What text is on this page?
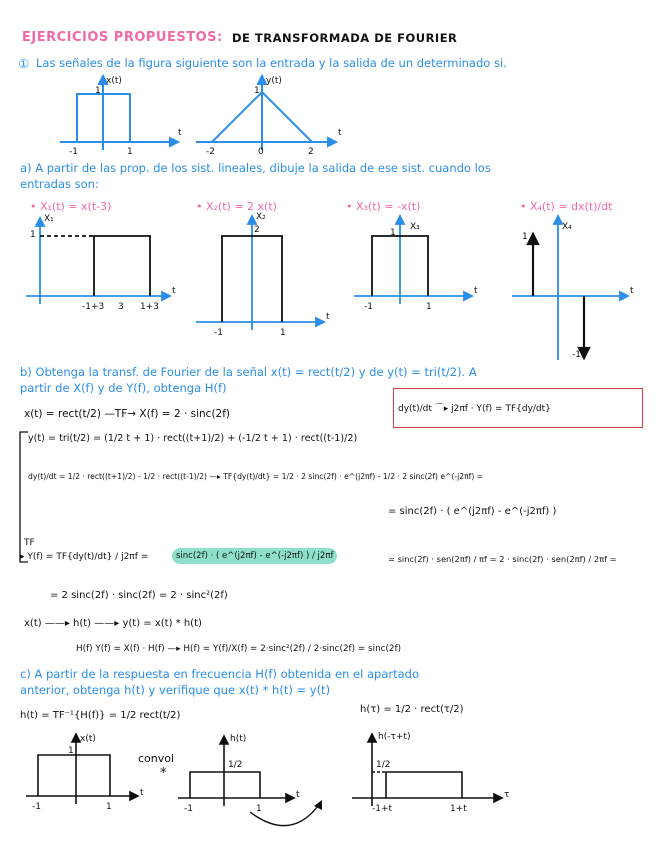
EJERCICIOS PROPUESTOS: DE TRANSFORMADA DE FOURIER
① Las señales de la figura siguiente son la entrada y la salida de un determinado si.
x(t)
-1	1
1
t
y(t)
-2	0	2
1
t
a) A partir de las prop. de los sist. lineales, dibuje la salida de ese sist. cuando los
entradas son:
• X₁(t) = x(t-3)	• X₂(t) = 2 x(t)	• X₃(t) = -x(t)	• X₄(t) = dx(t)/dt
X₁
1
-1+3 3 1+3
t
X₂
2
-1	1
t
X₃
1
-1	1
t
X₄
1
-1
t
b) Obtenga la transf. de Fourier de la señal x(t) = rect(t/2) y de y(t) = tri(t/2). A
partir de X(f) y de Y(f), obtenga H(f)
dy(t)/dt ⌒▸ j2πf · Y(f) = TF{dy/dt}
x(t) = rect(t/2) —TF→ X(f) = 2 · sinc(2f)
y(t) = tri(t/2) = (1/2 t + 1) · rect((t+1)/2) + (-1/2 t + 1) · rect((t-1)/2)
dy(t)/dt = 1/2 · rect((t+1)/2) - 1/2 · rect((t-1)/2) —▸ TF{dy(t)/dt} = 1/2 · 2 sinc(2f) · e^(j2πf) - 1/2 · 2 sinc(2f) e^(-j2πf) =
= sinc(2f) · ( e^(j2πf) - e^(-j2πf) )
TF
▸ Y(f) = TF{dy(t)/dt} / j2πf =	sinc(2f) · ( e^(j2πf) - e^(-j2πf) ) / j2πf	= sinc(2f) · sen(2πf) / πf = 2 · sinc(2f) · sen(2πf) / 2πf =
= 2 sinc(2f) · sinc(2f) = 2 · sinc²(2f)
x(t) ——▸ h(t) ——▸ y(t) = x(t) * h(t)
H(f) Y(f) = X(f) · H(f) —▸ H(f) = Y(f)/X(f) = 2·sinc²(2f) / 2·sinc(2f) = sinc(2f)
c) A partir de la respuesta en frecuencia H(f) obtenida en el apartado
anterior, obtenga h(t) y verifique que x(t) * h(t) = y(t)
h(t) = TF⁻¹{H(f)} = 1/2 rect(t/2)
h(τ) = 1/2 · rect(τ/2)
convol
*
x(t)
1
-1	1
t
h(t)
1/2
-1	1
t
h(-τ+t)
1/2
-1+t	1+t
τ
